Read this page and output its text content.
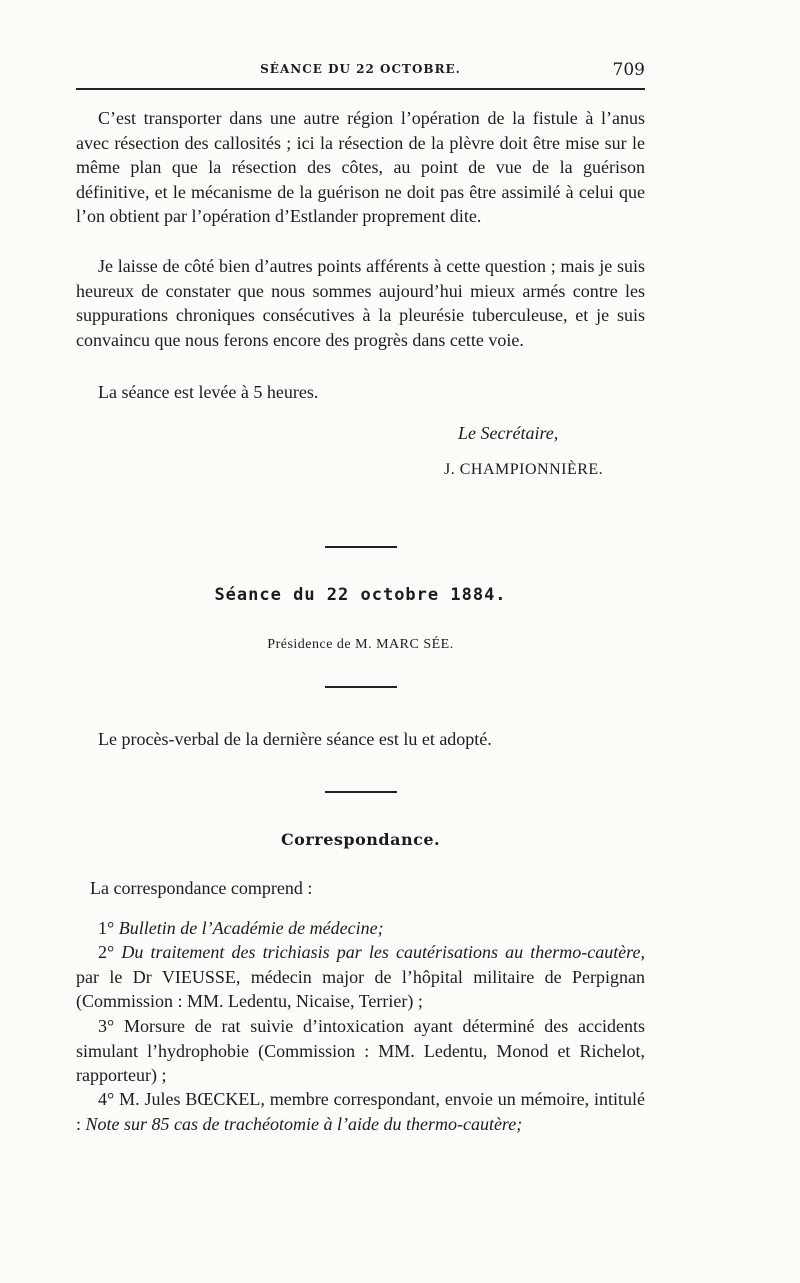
SÉANCE DU 22 OCTOBRE.	709

C’est transporter dans une autre région l’opération de la fistule à l’anus avec résection des callosités ; ici la résection de la plèvre doit être mise sur le même plan que la résection des côtes, au point de vue de la guérison définitive, et le mécanisme de la guérison ne doit pas être assimilé à celui que l’on obtient par l’opération d’Estlander proprement dite.

Je laisse de côté bien d’autres points afférents à cette question ; mais je suis heureux de constater que nous sommes aujourd’hui mieux armés contre les suppurations chroniques consécutives à la pleurésie tuberculeuse, et je suis convaincu que nous ferons encore des progrès dans cette voie.

La séance est levée à 5 heures.
Le Secrétaire,
J. CHAMPIONNIÈRE.
Séance du 22 octobre 1884.
Présidence de M. MARC SÉE.
Le procès-verbal de la dernière séance est lu et adopté.
Correspondance.
La correspondance comprend :

1° Bulletin de l’Académie de médecine;

2° Du traitement des trichiasis par les cautérisations au thermo-cautère, par le Dr VIEUSSE, médecin major de l’hôpital militaire de Perpignan (Commission : MM. Ledentu, Nicaise, Terrier) ;

3° Morsure de rat suivie d’intoxication ayant déterminé des accidents simulant l’hydrophobie (Commission : MM. Ledentu, Monod et Richelot, rapporteur) ;

4° M. Jules BŒCKEL, membre correspondant, envoie un mémoire, intitulé : Note sur 85 cas de trachéotomie à l’aide du thermo-cautère;
